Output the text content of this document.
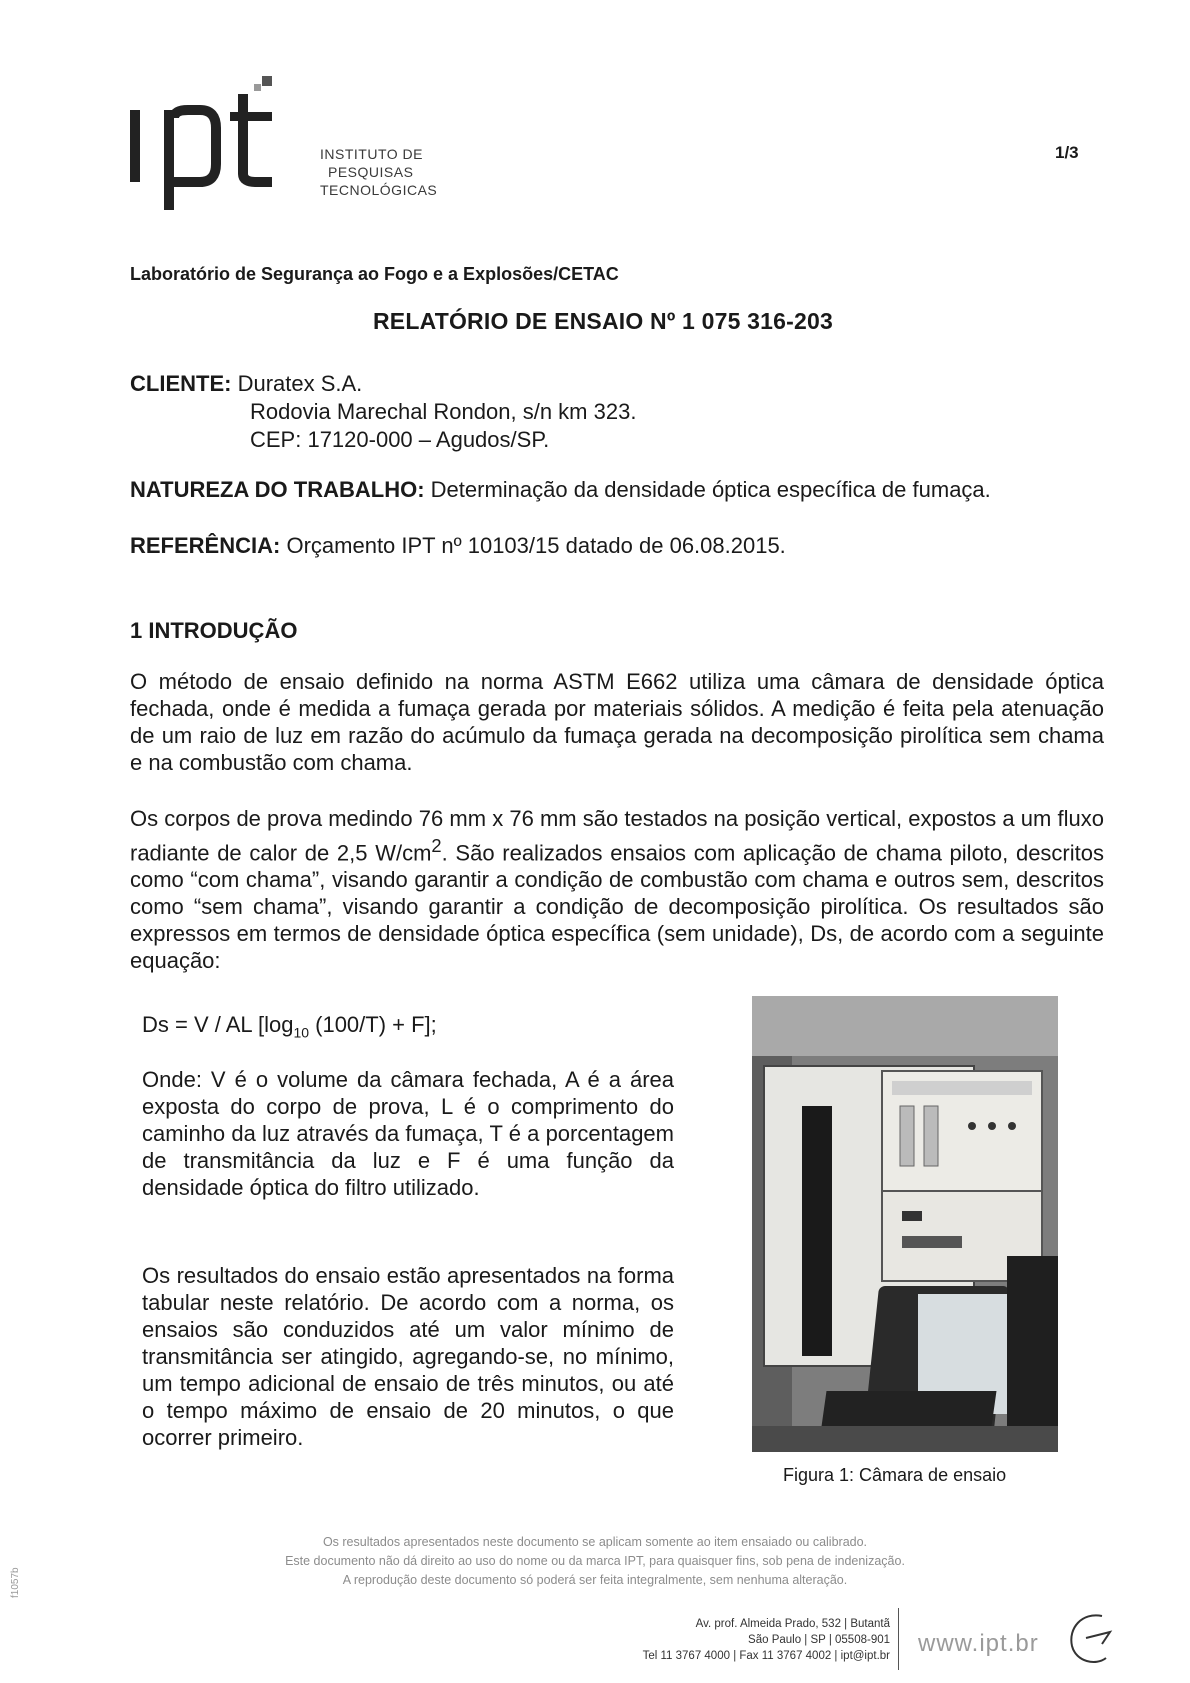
INSTITUTO DE
PESQUISAS
TECNOLÓGICAS
1/3
Laboratório de Segurança ao Fogo e a Explosões/CETAC
RELATÓRIO DE ENSAIO Nº 1 075 316-203
CLIENTE: Duratex S.A.
Rodovia Marechal Rondon, s/n km 323.
CEP: 17120-000 – Agudos/SP.
NATUREZA DO TRABALHO: Determinação da densidade óptica específica de fumaça.
REFERÊNCIA: Orçamento IPT nº 10103/15 datado de 06.08.2015.
1 INTRODUÇÃO
O método de ensaio definido na norma ASTM E662 utiliza uma câmara de densidade óptica fechada, onde é medida a fumaça gerada por materiais sólidos. A medição é feita pela atenuação de um raio de luz em razão do acúmulo da fumaça gerada na decomposição pirolítica sem chama e na combustão com chama.
Os corpos de prova medindo 76 mm x 76 mm são testados na posição vertical, expostos a um fluxo radiante de calor de 2,5 $W/cm^2$. São realizados ensaios com aplicação de chama piloto, descritos como “com chama”, visando garantir a condição de combustão com chama e outros sem, descritos como “sem chama”, visando garantir a condição de decomposição pirolítica. Os resultados são expressos em termos de densidade óptica específica (sem unidade), Ds, de acordo com a seguinte equação:
Ds = V / AL [$\log_{10}$ (100/T) + F];
Onde: V é o volume da câmara fechada, A é a área exposta do corpo de prova, L é o comprimento do caminho da luz através da fumaça, T é a porcentagem de transmitância da luz e F é uma função da densidade óptica do filtro utilizado.
Os resultados do ensaio estão apresentados na forma tabular neste relatório. De acordo com a norma, os ensaios são conduzidos até um valor mínimo de transmitância ser atingido, agregando-se, no mínimo, um tempo adicional de ensaio de três minutos, ou até o tempo máximo de ensaio de 20 minutos, o que ocorrer primeiro.
Figura 1: Câmara de ensaio
Os resultados apresentados neste documento se aplicam somente ao item ensaiado ou calibrado.
Este documento não dá direito ao uso do nome ou da marca IPT, para quaisquer fins, sob pena de indenização.
A reprodução deste documento só poderá ser feita integralmente, sem nenhuma alteração.
Av. prof. Almeida Prado, 532 | Butantã
São Paulo | SP | 05508-901
Tel 11 3767 4000 | Fax 11 3767 4002 | ipt@ipt.br www.ipt.br
f1057b
